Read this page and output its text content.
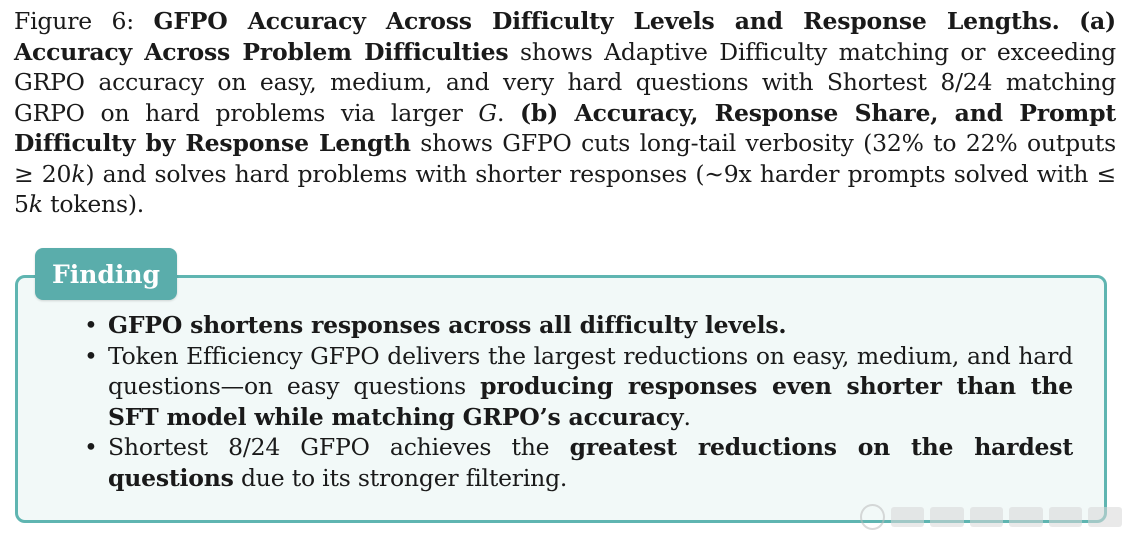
Figure 6: GFPO Accuracy Across Difficulty Levels and Response Lengths. (a) Accuracy Across Problem Difficulties shows Adaptive Difficulty matching or exceeding GRPO accuracy on easy, medium, and very hard questions with Shortest 8/24 matching GRPO on hard problems via larger G. (b) Accuracy, Response Share, and Prompt Difficulty by Response Length shows GFPO cuts long-tail verbosity (32% to 22% outputs ≥ 20k) and solves hard problems with shorter responses (∼9x harder prompts solved with ≤ 5k tokens).
Finding
• GFPO shortens responses across all difficulty levels.
• Token Efficiency GFPO delivers the largest reductions on easy, medium, and hard questions—on easy questions producing responses even shorter than the SFT model while matching GRPO’s accuracy.
• Shortest 8/24 GFPO achieves the greatest reductions on the hardest questions due to its stronger filtering.
